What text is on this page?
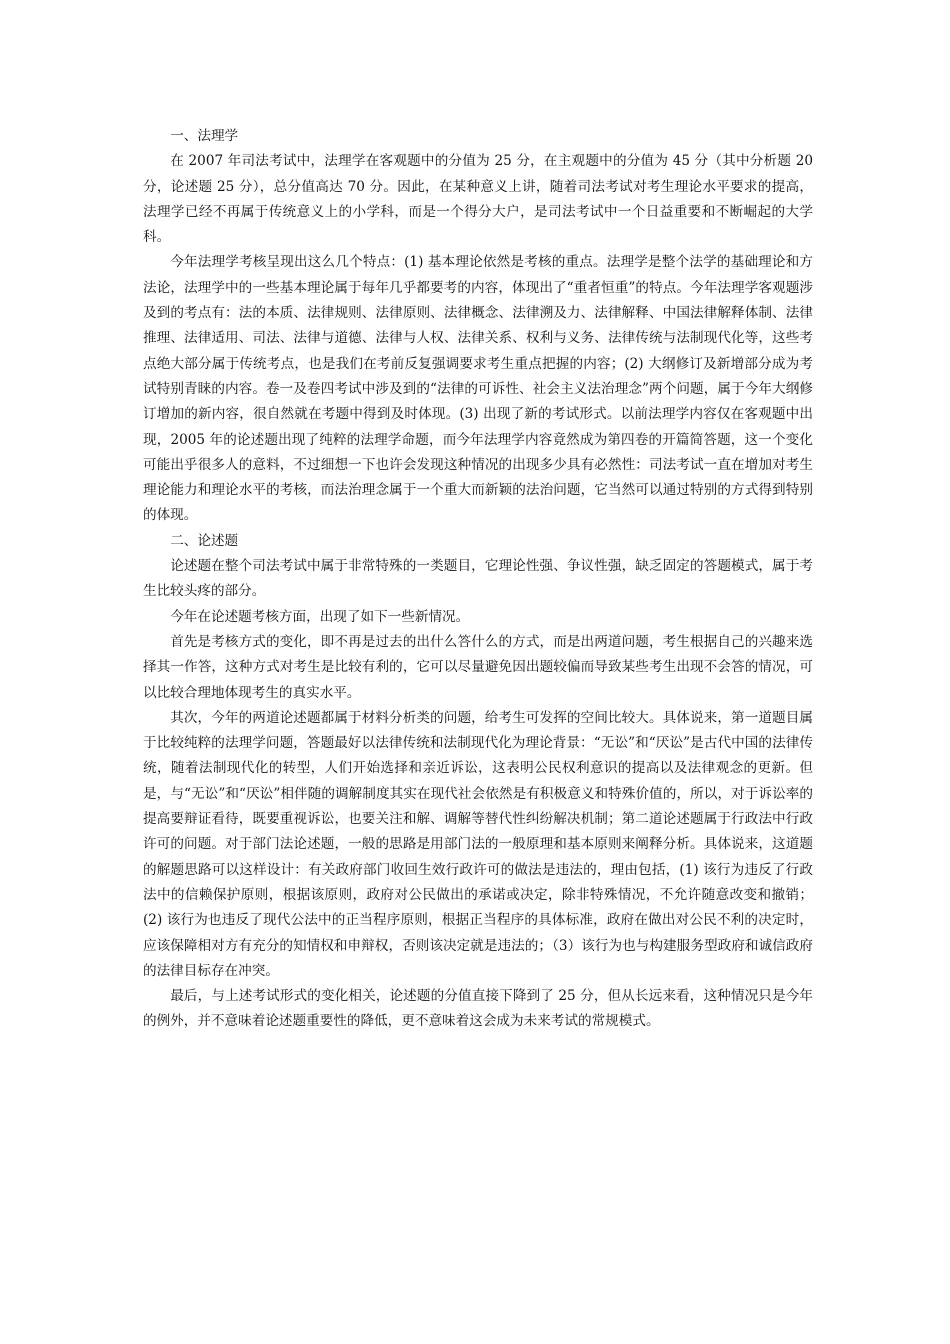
一、法理学

在 2007 年司法考试中，法理学在客观题中的分值为 25 分，在主观题中的分值为 45 分（其中分析题 20 分，论述题 25 分），总分值高达 70 分。因此，在某种意义上讲，随着司法考试对考生理论水平要求的提高，法理学已经不再属于传统意义上的小学科，而是一个得分大户，是司法考试中一个日益重要和不断崛起的大学科。

今年法理学考核呈现出这么几个特点：(1) 基本理论依然是考核的重点。法理学是整个法学的基础理论和方法论，法理学中的一些基本理论属于每年几乎都要考的内容，体现出了“重者恒重”的特点。今年法理学客观题涉及到的考点有：法的本质、法律规则、法律原则、法律概念、法律溯及力、法律解释、中国法律解释体制、法律推理、法律适用、司法、法律与道德、法律与人权、法律关系、权利与义务、法律传统与法制现代化等，这些考点绝大部分属于传统考点，也是我们在考前反复强调要求考生重点把握的内容；(2) 大纲修订及新增部分成为考试特别青睐的内容。卷一及卷四考试中涉及到的“法律的可诉性、社会主义法治理念”两个问题，属于今年大纲修订增加的新内容，很自然就在考题中得到及时体现。(3) 出现了新的考试形式。以前法理学内容仅在客观题中出现，2005 年的论述题出现了纯粹的法理学命题，而今年法理学内容竟然成为第四卷的开篇简答题，这一个变化可能出乎很多人的意料，不过细想一下也许会发现这种情况的出现多少具有必然性：司法考试一直在增加对考生理论能力和理论水平的考核，而法治理念属于一个重大而新颖的法治问题，它当然可以通过特别的方式得到特别的体现。

二、论述题

论述题在整个司法考试中属于非常特殊的一类题目，它理论性强、争议性强，缺乏固定的答题模式，属于考生比较头疼的部分。

今年在论述题考核方面，出现了如下一些新情况。

首先是考核方式的变化，即不再是过去的出什么答什么的方式，而是出两道问题，考生根据自己的兴趣来选择其一作答，这种方式对考生是比较有利的，它可以尽量避免因出题较偏而导致某些考生出现不会答的情况，可以比较合理地体现考生的真实水平。

其次，今年的两道论述题都属于材料分析类的问题，给考生可发挥的空间比较大。具体说来，第一道题目属于比较纯粹的法理学问题，答题最好以法律传统和法制现代化为理论背景：“无讼”和“厌讼”是古代中国的法律传统，随着法制现代化的转型，人们开始选择和亲近诉讼，这表明公民权利意识的提高以及法律观念的更新。但是，与“无讼”和“厌讼”相伴随的调解制度其实在现代社会依然是有积极意义和特殊价值的，所以，对于诉讼率的提高要辩证看待，既要重视诉讼，也要关注和解、调解等替代性纠纷解决机制；第二道论述题属于行政法中行政许可的问题。对于部门法论述题，一般的思路是用部门法的一般原理和基本原则来阐释分析。具体说来，这道题的解题思路可以这样设计：有关政府部门收回生效行政许可的做法是违法的，理由包括，(1) 该行为违反了行政法中的信赖保护原则，根据该原则，政府对公民做出的承诺或决定，除非特殊情况，不允许随意改变和撤销；(2) 该行为也违反了现代公法中的正当程序原则，根据正当程序的具体标准，政府在做出对公民不利的决定时，应该保障相对方有充分的知情权和申辩权，否则该决定就是违法的；（3）该行为也与构建服务型政府和诚信政府的法律目标存在冲突。

最后，与上述考试形式的变化相关，论述题的分值直接下降到了 25 分，但从长远来看，这种情况只是今年的例外，并不意味着论述题重要性的降低，更不意味着这会成为未来考试的常规模式。
